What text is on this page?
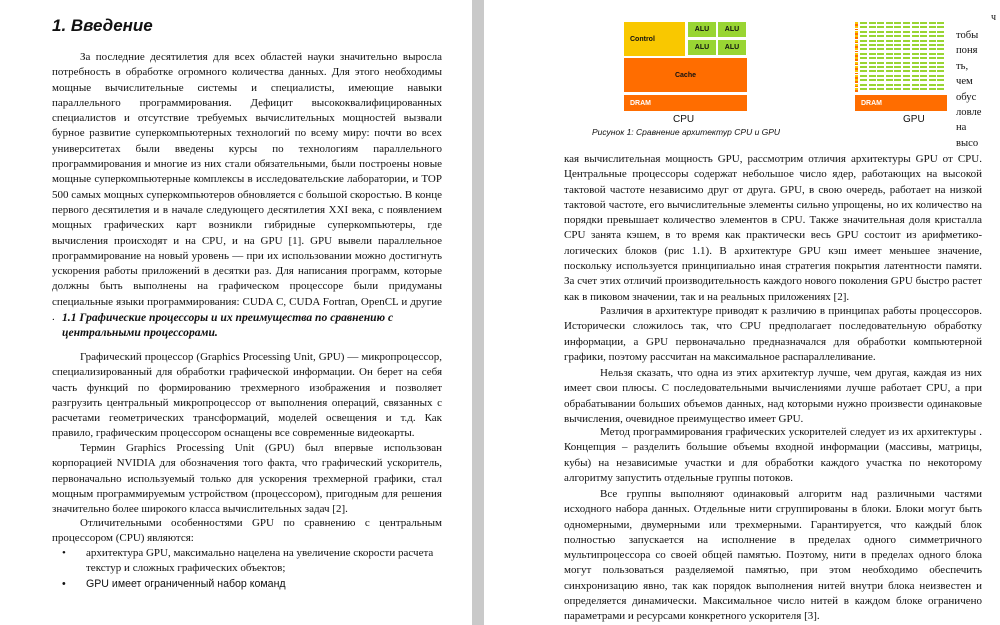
1. Введение

За последние десятилетия для всех областей науки значительно выросла потребность в обработке огромного количества данных. Для этого необходимы мощные вычислительные системы и специалисты, имеющие навыки параллельного программирования. Дефицит высококвалифицированных специалистов и отсутствие требуемых вычислительных мощностей вызвали бурное развитие суперкомпьютерных технологий по всему миру: почти во всех университетах были введены курсы по технологиям параллельного программирования и многие из них стали обязательными, были построены новые мощные суперкомпьютерные комплексы в исследовательские лаборатории, и TOP 500 самых мощных суперкомпьютеров обновляется с большой скоростью. В конце первого десятилетия и в начале следующего десятилетия XXI века, с появлением мощных графических карт возникли гибридные суперкомпьютеры, где вычисления происходят и на CPU, и на GPU [1]. GPU вывели параллельное программирование на новый уровень — при их использовании можно достигнуть ускорения работы приложений в десятки раз. Для написания программ, которые должны быть выполнены на графическом процессоре были придуманы специальные языки программирования: CUDA C, CUDA Fortran, OpenCL и другие . 1.1 Графические процессоры и их преимущества по сравнению с центральными процессорами.

Графический процессор (Graphics Processing Unit, GPU) — микропроцессор, специализированный для обработки графической информации. Он берет на себя часть функций по формированию трехмерного изображения и позволяет разгрузить центральный микропроцессор от выполнения операций, связанных с расчетами геометрических трансформаций, моделей освещения и т.д. Как правило, графическим процессором оснащены все современные видеокарты.

Термин Graphics Processing Unit (GPU) был впервые использован корпорацией NVIDIA для обозначения того факта, что графический ускоритель, первоначально используемый только для ускорения трехмерной графики, стал мощным программируемым устройством (процессором), пригодным для решения значительно более широкого класса вычислительных задач [2].

Отличительными особенностями GPU по сравнению с центральным процессором (CPU) являются:

• архитектура GPU, максимально нацелена на увеличение скорости расчета текстур и сложных графических объектов;
• GPU имеет ограниченный набор команд
ч
Control
ALU	ALU
ALU	ALU
Cache
DRAM
CPU
DRAM
GPU

Рисунок 1: Сравнение архитектур CPU и GPU

тобы
поня
ть,
чем
обус
ловле
на
высо

кая вычислительная мощность GPU, рассмотрим отличия архитектуры GPU от CPU. Центральные процессоры содержат небольшое число ядер, работающих на высокой тактовой частоте независимо друг от друга. GPU, в свою очередь, работает на низкой тактовой частоте, его вычислительные элементы сильно упрощены, но их количество на порядки превышает количество элементов в CPU. Также значительная доля кристалла CPU занята кэшем, в то время как практически весь GPU состоит из арифметико-логических блоков (рис 1.1). В архитектуре GPU кэш имеет меньшее значение, поскольку используется принципиально иная стратегия покрытия латентности памяти. За счет этих отличий производительность каждого нового поколения GPU быстро растет как в пиковом значении, так и на реальных приложениях [2].

Различия в архитектуре приводят к различию в принципах работы процессоров. Исторически сложилось так, что CPU предполагает последовательную обработку информации, а GPU первоначально предназначался для обработки компьютерной графики, поэтому рассчитан на максимальное распараллеливание.

Нельзя сказать, что одна из этих архитектур лучше, чем другая, каждая из них имеет свои плюсы. С последовательными вычислениями лучше работает CPU, а при обрабатывании больших объемов данных, над которыми нужно произвести одинаковые вычисления, очевидное преимущество имеет GPU.

Метод программирования графических ускорителей следует из их архитектуры . Концепция – разделить большие объемы входной информации (массивы, матрицы, кубы) на независимые участки и для обработки каждого участка по некоторому алгоритму запустить отдельные группы потоков.

Все группы выполняют одинаковый алгоритм над различными частями исходного набора данных. Отдельные нити сгруппированы в блоки. Блоки могут быть одномерными, двумерными или трехмерными. Гарантируется, что каждый блок полностью запускается на исполнение в пределах одного симметричного мультипроцессора со своей общей памятью. Поэтому, нити в пределах одного блока могут пользоваться разделяемой памятью, при этом необходимо обеспечить синхронизацию явно, так как порядок выполнения нитей внутри блока неизвестен и определяется динамически. Максимальное число нитей в каждом блоке ограничено параметрами и ресурсами конкретного ускорителя [3].
